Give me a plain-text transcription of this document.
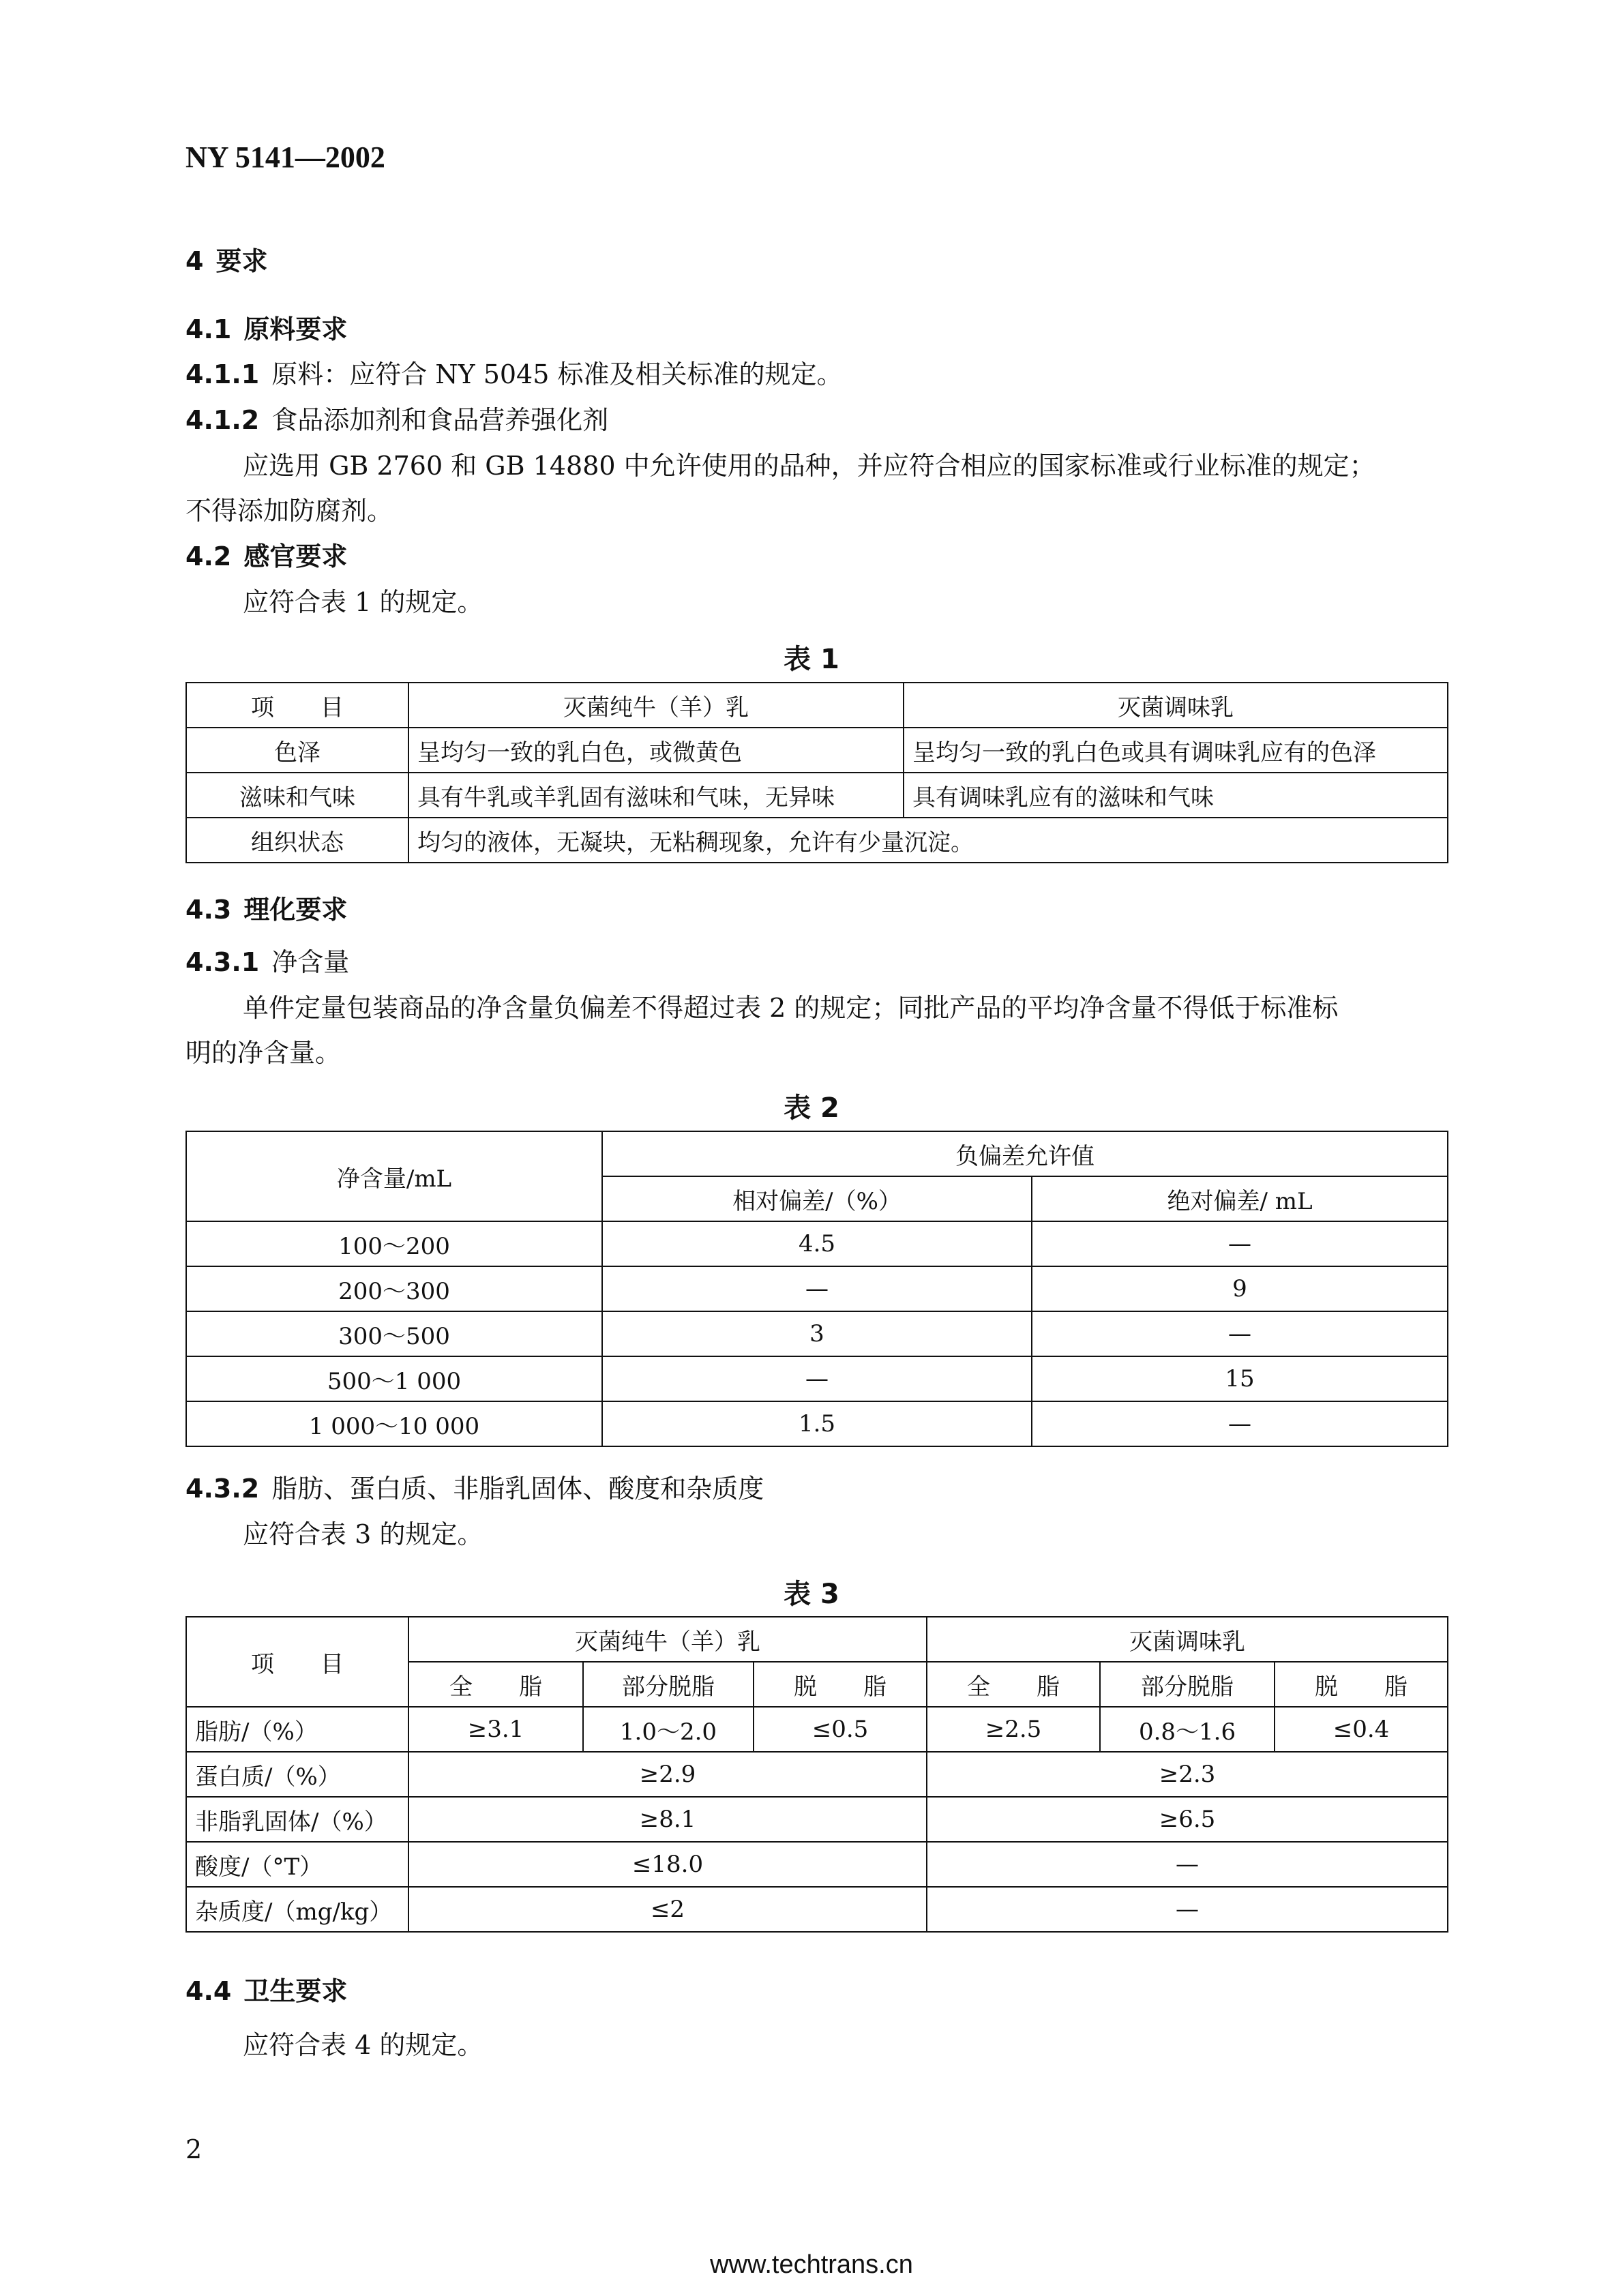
NY 5141—2002
4 要求
4.1 原料要求
4.1.1 原料：应符合 NY 5045 标准及相关标准的规定。
4.1.2 食品添加剂和食品营养强化剂
应选用 GB 2760 和 GB 14880 中允许使用的品种，并应符合相应的国家标准或行业标准的规定；
不得添加防腐剂。
4.2 感官要求
应符合表 1 的规定。
表 1
项　　目	灭菌纯牛（羊）乳	灭菌调味乳
色泽	呈均匀一致的乳白色，或微黄色	呈均匀一致的乳白色或具有调味乳应有的色泽
滋味和气味	具有牛乳或羊乳固有滋味和气味，无异味	具有调味乳应有的滋味和气味
组织状态	均匀的液体，无凝块，无粘稠现象，允许有少量沉淀。	
4.3 理化要求
4.3.1 净含量
单件定量包装商品的净含量负偏差不得超过表 2 的规定；同批产品的平均净含量不得低于标准标
明的净含量。
表 2
净含量/mL	负偏差允许值	
	相对偏差/（%）	绝对偏差/ mL
100～200	4.5	—
200～300	—	9
300～500	3	—
500～1 000	—	15
1 000～10 000	1.5	—
4.3.2 脂肪、蛋白质、非脂乳固体、酸度和杂质度
应符合表 3 的规定。
表 3
项　　目	灭菌纯牛（羊）乳			灭菌调味乳		
	全　　脂	部分脱脂	脱　　脂	全　　脂	部分脱脂	脱　　脂
脂肪/（%）	≥3.1	1.0～2.0	≤0.5	≥2.5	0.8～1.6	≤0.4
蛋白质/（%）	≥2.9			≥2.3		
非脂乳固体/（%）	≥8.1			≥6.5		
酸度/（°T）	≤18.0			—		
杂质度/（mg/kg）	≤2			—		
4.4 卫生要求
应符合表 4 的规定。
2
www.techtrans.cn
